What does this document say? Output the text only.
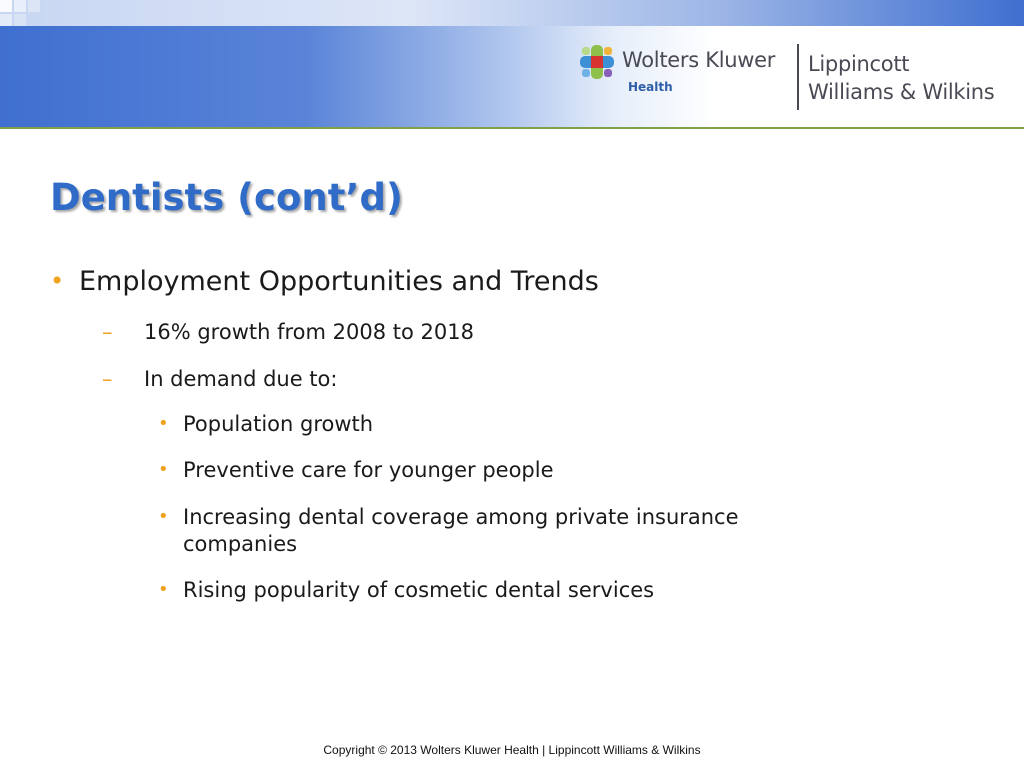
Wolters Kluwer
Health
Lippincott
Williams & Wilkins
Dentists (cont’d)
• Employment Opportunities and Trends
– 16% growth from 2008 to 2018
– In demand due to:
• Population growth
• Preventive care for younger people
• Increasing dental coverage among private insurance
companies
• Rising popularity of cosmetic dental services
Copyright © 2013 Wolters Kluwer Health | Lippincott Williams & Wilkins
